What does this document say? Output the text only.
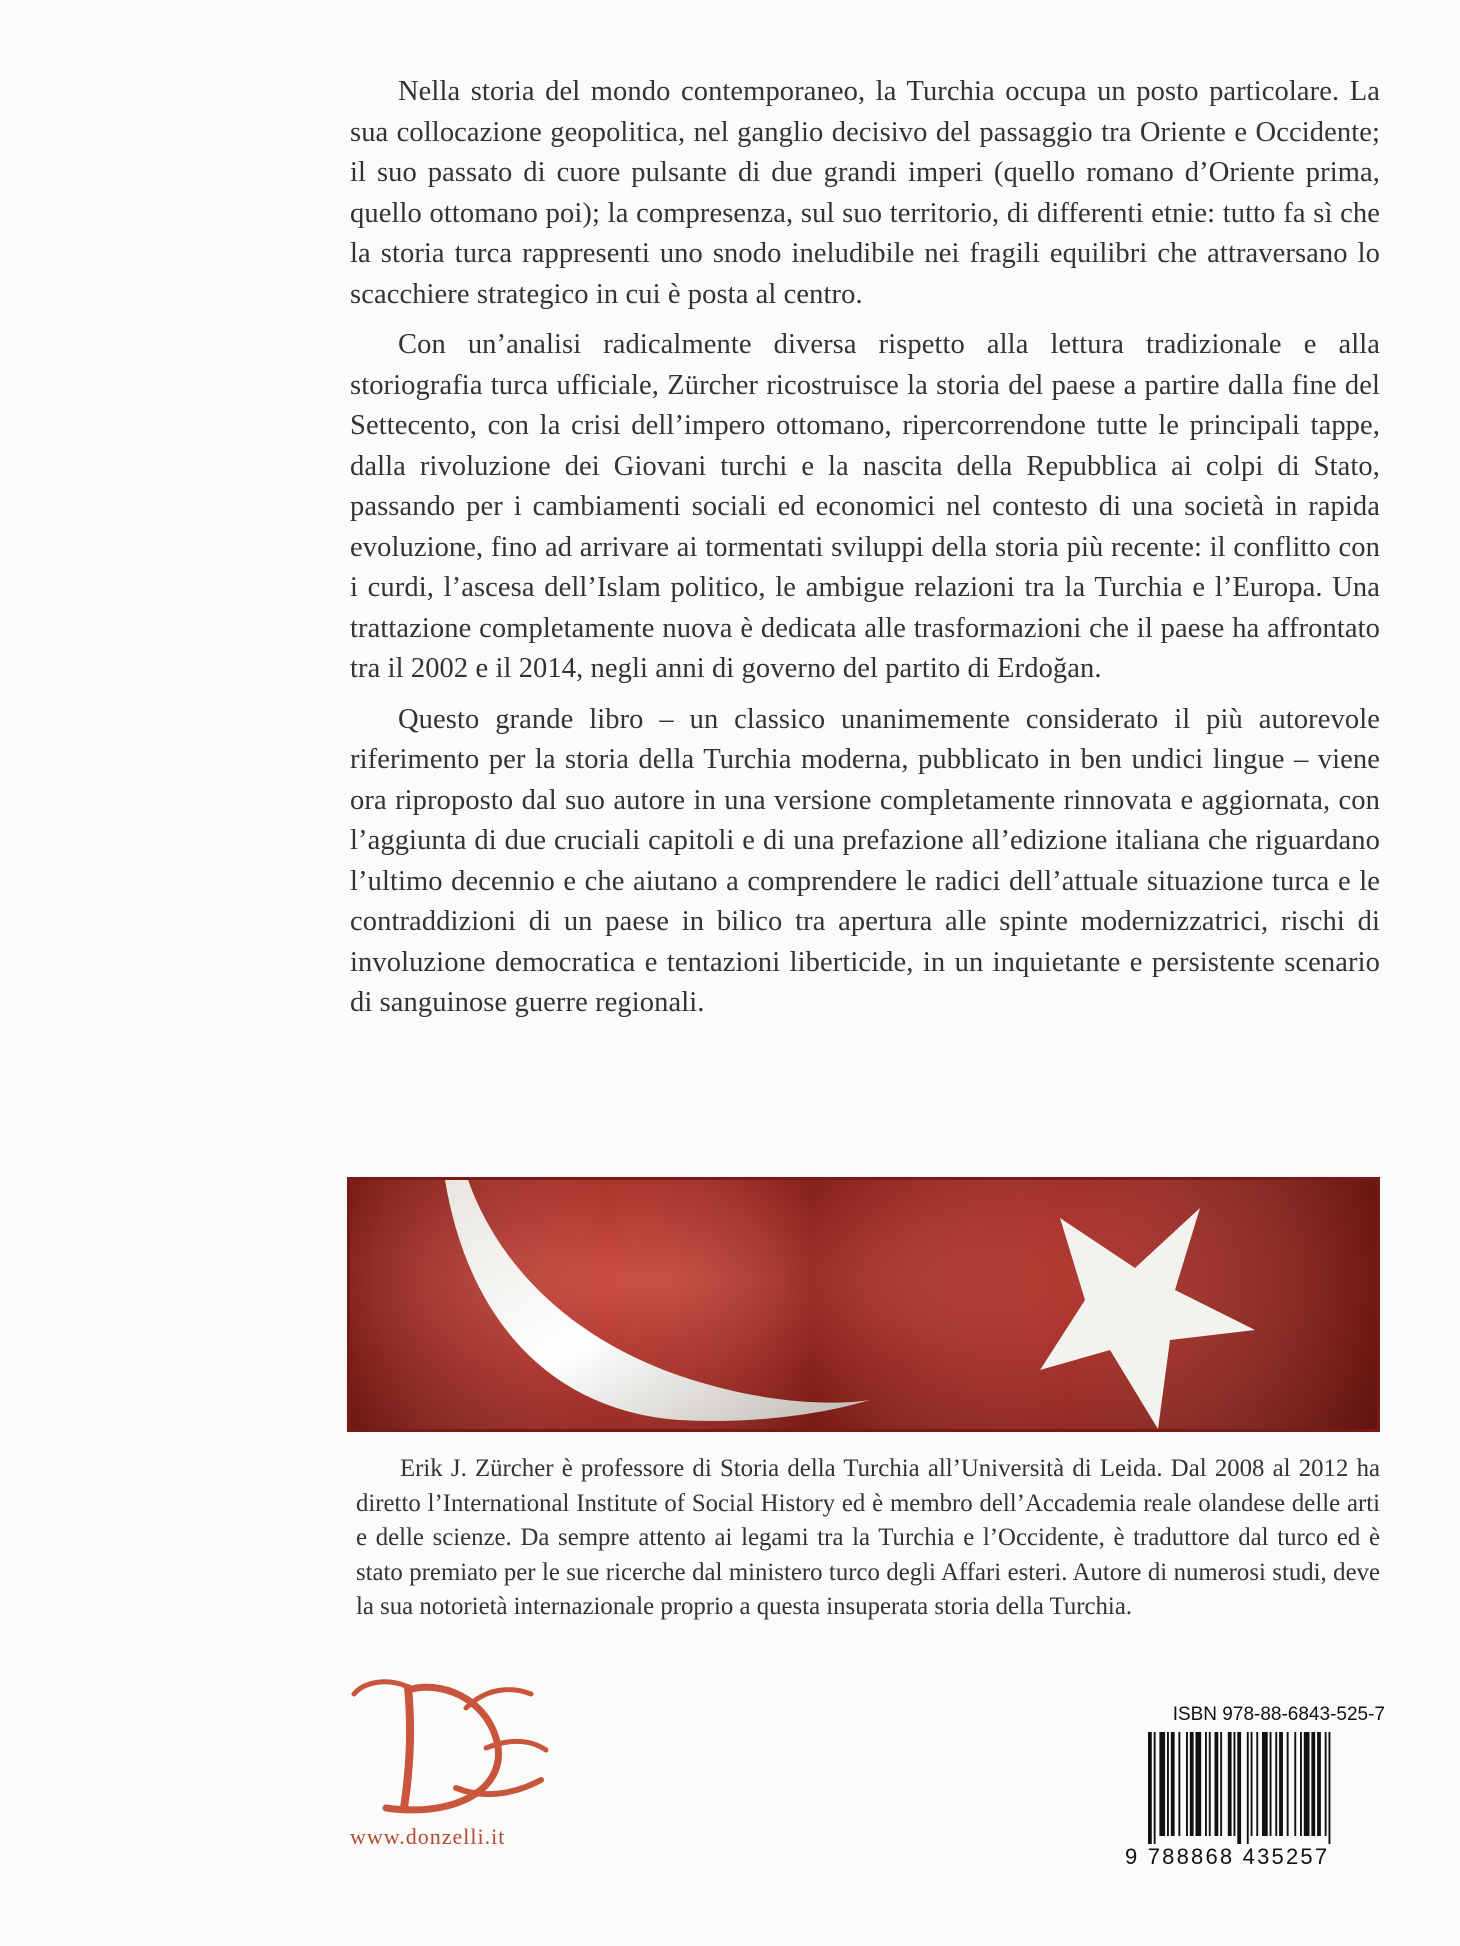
Nella storia del mondo contemporaneo, la Turchia occupa un posto particolare. La sua collocazione geopolitica, nel ganglio decisivo del passaggio tra Oriente e Occidente; il suo passato di cuore pulsante di due grandi imperi (quello romano d’Oriente prima, quello ottomano poi); la compresenza, sul suo territorio, di differenti etnie: tutto fa sì che la storia turca rappresenti uno snodo ineludibile nei fragili equilibri che attraversano lo scacchiere strategico in cui è posta al centro.

Con un’analisi radicalmente diversa rispetto alla lettura tradizionale e alla storiografia turca ufficiale, Zürcher ricostruisce la storia del paese a partire dalla fine del Settecento, con la crisi dell’impero ottomano, ripercorrendone tutte le principali tappe, dalla rivoluzione dei Giovani turchi e la nascita della Repubblica ai colpi di Stato, passando per i cambiamenti sociali ed economici nel contesto di una società in rapida evoluzione, fino ad arrivare ai tormentati sviluppi della storia più recente: il conflitto con i curdi, l’ascesa dell’Islam politico, le ambigue relazioni tra la Turchia e l’Europa. Una trattazione completamente nuova è dedicata alle trasformazioni che il paese ha affrontato tra il 2002 e il 2014, negli anni di governo del partito di Erdoğan.

Questo grande libro – un classico unanimemente considerato il più autorevole riferimento per la storia della Turchia moderna, pubblicato in ben undici lingue – viene ora riproposto dal suo autore in una versione completamente rinnovata e aggiornata, con l’aggiunta di due cruciali capitoli e di una prefazione all’edizione italiana che riguardano l’ultimo decennio e che aiutano a comprendere le radici dell’attuale situazione turca e le contraddizioni di un paese in bilico tra apertura alle spinte modernizzatrici, rischi di involuzione democratica e tentazioni liberticide, in un inquietante e persistente scenario di sanguinose guerre regionali.

Erik J. Zürcher è professore di Storia della Turchia all’Università di Leida. Dal 2008 al 2012 ha diretto l’International Institute of Social History ed è membro dell’Accademia reale olandese delle arti e delle scienze. Da sempre attento ai legami tra la Turchia e l’Occidente, è traduttore dal turco ed è stato premiato per le sue ricerche dal ministero turco degli Affari esteri. Autore di numerosi studi, deve la sua notorietà internazionale proprio a questa insuperata storia della Turchia.

www.donzelli.it
ISBN 978-88-6843-525-7
9 788868 435257
